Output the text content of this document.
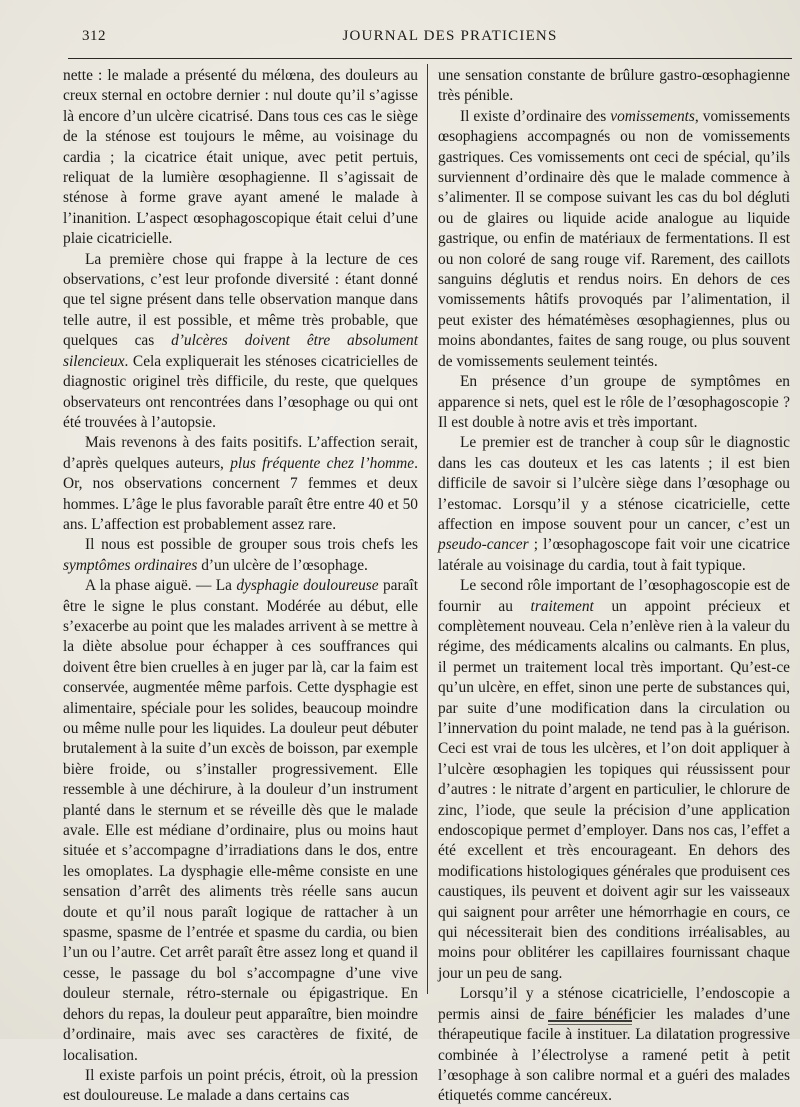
312	JOURNAL DES PRATICIENS

nette : le malade a présenté du mélœna, des douleurs au creux sternal en octobre dernier : nul doute qu’il s’agisse là encore d’un ulcère cicatrisé. Dans tous ces cas le siège de la sténose est toujours le même, au voisinage du cardia ; la cicatrice était unique, avec petit pertuis, reliquat de la lumière œsophagienne. Il s’agissait de sténose à forme grave ayant amené le malade à l’inanition. L’aspect œsophagoscopique était celui d’une plaie cicatricielle.

La première chose qui frappe à la lecture de ces observations, c’est leur profonde diversité : étant donné que tel signe présent dans telle observation manque dans telle autre, il est possible, et même très probable, que quelques cas d’ulcères doivent être absolument silencieux. Cela expliquerait les sténoses cicatricielles de diagnostic originel très difficile, du reste, que quelques observateurs ont rencontrées dans l’œsophage ou qui ont été trouvées à l’autopsie.

Mais revenons à des faits positifs. L’affection serait, d’après quelques auteurs, plus fréquente chez l’homme. Or, nos observations concernent 7 femmes et deux hommes. L’âge le plus favorable paraît être entre 40 et 50 ans. L’affection est probablement assez rare.

Il nous est possible de grouper sous trois chefs les symptômes ordinaires d’un ulcère de l’œsophage.

A la phase aiguë. — La dysphagie douloureuse paraît être le signe le plus constant. Modérée au début, elle s’exacerbe au point que les malades arrivent à se mettre à la diète absolue pour échapper à ces souffrances qui doivent être bien cruelles à en juger par là, car la faim est conservée, augmentée même parfois. Cette dysphagie est alimentaire, spéciale pour les solides, beaucoup moindre ou même nulle pour les liquides. La douleur peut débuter brutalement à la suite d’un excès de boisson, par exemple bière froide, ou s’installer progressivement. Elle ressemble à une déchirure, à la douleur d’un instrument planté dans le sternum et se réveille dès que le malade avale. Elle est médiane d’ordinaire, plus ou moins haut située et s’accompagne d’irradiations dans le dos, entre les omoplates. La dysphagie elle-même consiste en une sensation d’arrêt des aliments très réelle sans aucun doute et qu’il nous paraît logique de rattacher à un spasme, spasme de l’entrée et spasme du cardia, ou bien l’un ou l’autre. Cet arrêt paraît être assez long et quand il cesse, le passage du bol s’accompagne d’une vive douleur sternale, rétro-sternale ou épigastrique. En dehors du repas, la douleur peut apparaître, bien moindre d’ordinaire, mais avec ses caractères de fixité, de localisation.

Il existe parfois un point précis, étroit, où la pression est douloureuse. Le malade a dans certains cas

une sensation constante de brûlure gastro-œsophagienne très pénible.

Il existe d’ordinaire des vomissements, vomissements œsophagiens accompagnés ou non de vomissements gastriques. Ces vomissements ont ceci de spécial, qu’ils surviennent d’ordinaire dès que le malade commence à s’alimenter. Il se compose suivant les cas du bol dégluti ou de glaires ou liquide acide analogue au liquide gastrique, ou enfin de matériaux de fermentations. Il est ou non coloré de sang rouge vif. Rarement, des caillots sanguins déglutis et rendus noirs. En dehors de ces vomissements hâtifs provoqués par l’alimentation, il peut exister des hématémèses œsophagiennes, plus ou moins abondantes, faites de sang rouge, ou plus souvent de vomissements seulement teintés.

En présence d’un groupe de symptômes en apparence si nets, quel est le rôle de l’œsophagoscopie ? Il est double à notre avis et très important.

Le premier est de trancher à coup sûr le diagnostic dans les cas douteux et les cas latents ; il est bien difficile de savoir si l’ulcère siège dans l’œsophage ou l’estomac. Lorsqu’il y a sténose cicatricielle, cette affection en impose souvent pour un cancer, c’est un pseudo-cancer ; l’œsophagoscope fait voir une cicatrice latérale au voisinage du cardia, tout à fait typique.

Le second rôle important de l’œsophagoscopie est de fournir au traitement un appoint précieux et complètement nouveau. Cela n’enlève rien à la valeur du régime, des médicaments alcalins ou calmants. En plus, il permet un traitement local très important. Qu’est-ce qu’un ulcère, en effet, sinon une perte de substances qui, par suite d’une modification dans la circulation ou l’innervation du point malade, ne tend pas à la guérison. Ceci est vrai de tous les ulcères, et l’on doit appliquer à l’ulcère œsophagien les topiques qui réussissent pour d’autres : le nitrate d’argent en particulier, le chlorure de zinc, l’iode, que seule la précision d’une application endoscopique permet d’employer. Dans nos cas, l’effet a été excellent et très encourageant. En dehors des modifications histologiques générales que produisent ces caustiques, ils peuvent et doivent agir sur les vaisseaux qui saignent pour arrêter une hémorrhagie en cours, ce qui nécessiterait bien des conditions irréalisables, au moins pour oblitérer les capillaires fournissant chaque jour un peu de sang.

Lorsqu’il y a sténose cicatricielle, l’endoscopie a permis ainsi de faire bénéficier les malades d’une thérapeutique facile à instituer. La dilatation progressive combinée à l’électrolyse a ramené petit à petit l’œsophage à son calibre normal et a guéri des malades étiquetés comme cancéreux.
